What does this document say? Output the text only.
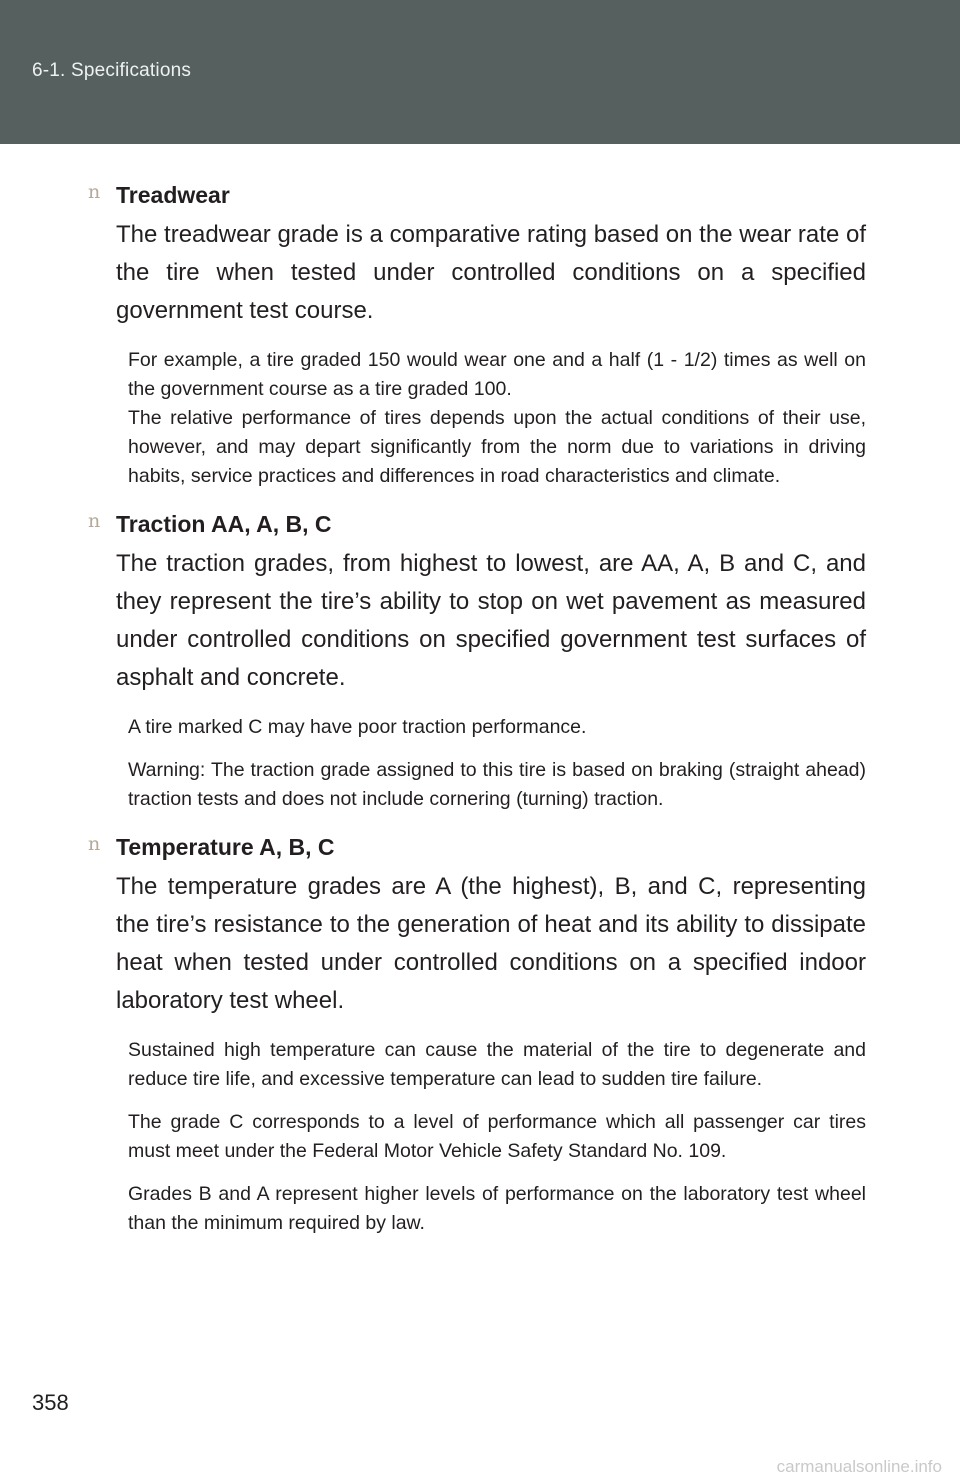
6-1. Specifications
n Treadwear

The treadwear grade is a comparative rating based on the wear rate of the tire when tested under controlled conditions on a specified government test course.

For example, a tire graded 150 would wear one and a half (1 - 1/2) times as well on the government course as a tire graded 100.

The relative performance of tires depends upon the actual conditions of their use, however, and may depart significantly from the norm due to variations in driving habits, service practices and differences in road characteristics and climate.

n Traction AA, A, B, C

The traction grades, from highest to lowest, are AA, A, B and C, and they represent the tire’s ability to stop on wet pavement as measured under controlled conditions on specified government test surfaces of asphalt and concrete.

A tire marked C may have poor traction performance.

Warning: The traction grade assigned to this tire is based on braking (straight ahead) traction tests and does not include cornering (turning) traction.

n Temperature A, B, C

The temperature grades are A (the highest), B, and C, representing the tire’s resistance to the generation of heat and its ability to dissipate heat when tested under controlled conditions on a specified indoor laboratory test wheel.

Sustained high temperature can cause the material of the tire to degenerate and reduce tire life, and excessive temperature can lead to sudden tire failure.

The grade C corresponds to a level of performance which all passenger car tires must meet under the Federal Motor Vehicle Safety Standard No. 109.

Grades B and A represent higher levels of performance on the laboratory test wheel than the minimum required by law.

358
carmanualsonline.info
